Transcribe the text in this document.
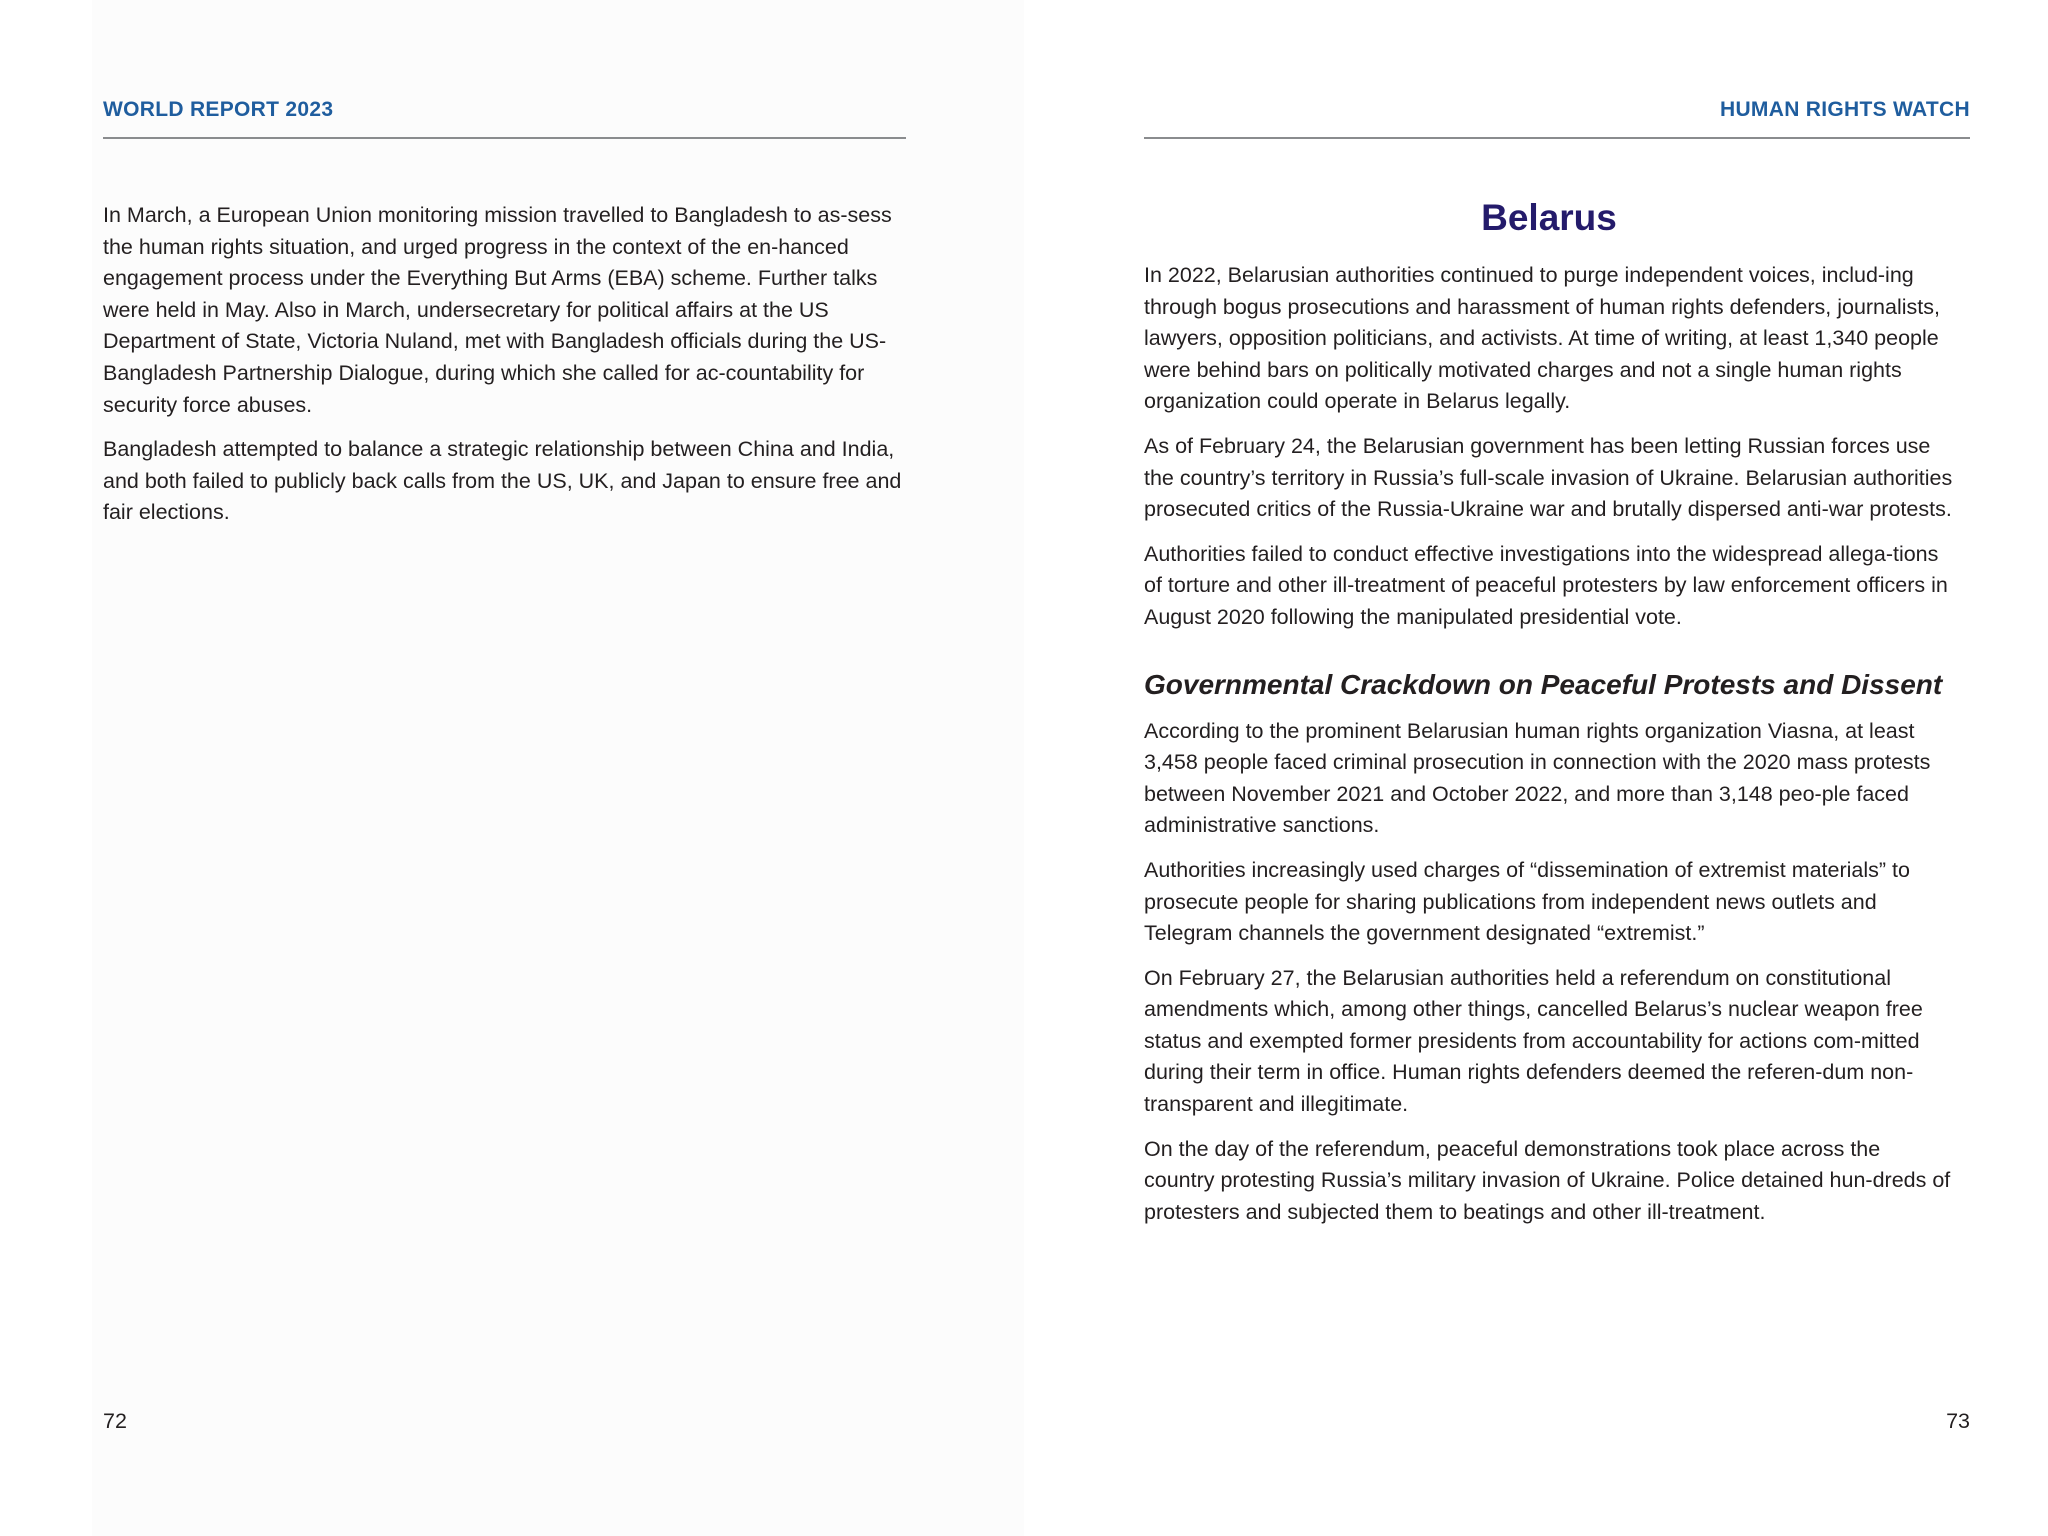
WORLD REPORT 2023

In March, a European Union monitoring mission travelled to Bangladesh to as-sess the human rights situation, and urged progress in the context of the en-hanced engagement process under the Everything But Arms (EBA) scheme. Further talks were held in May. Also in March, undersecretary for political affairs at the US Department of State, Victoria Nuland, met with Bangladesh officials during the US-Bangladesh Partnership Dialogue, during which she called for ac-countability for security force abuses.

Bangladesh attempted to balance a strategic relationship between China and India, and both failed to publicly back calls from the US, UK, and Japan to ensure free and fair elections.

72
HUMAN RIGHTS WATCH
Belarus

In 2022, Belarusian authorities continued to purge independent voices, includ-ing through bogus prosecutions and harassment of human rights defenders, journalists, lawyers, opposition politicians, and activists. At time of writing, at least 1,340 people were behind bars on politically motivated charges and not a single human rights organization could operate in Belarus legally.

As of February 24, the Belarusian government has been letting Russian forces use the country’s territory in Russia’s full-scale invasion of Ukraine. Belarusian authorities prosecuted critics of the Russia-Ukraine war and brutally dispersed anti-war protests.

Authorities failed to conduct effective investigations into the widespread allega-tions of torture and other ill-treatment of peaceful protesters by law enforcement officers in August 2020 following the manipulated presidential vote.

Governmental Crackdown on Peaceful Protests and Dissent

According to the prominent Belarusian human rights organization Viasna, at least 3,458 people faced criminal prosecution in connection with the 2020 mass protests between November 2021 and October 2022, and more than 3,148 peo-ple faced administrative sanctions.

Authorities increasingly used charges of “dissemination of extremist materials” to prosecute people for sharing publications from independent news outlets and Telegram channels the government designated “extremist.”

On February 27, the Belarusian authorities held a referendum on constitutional amendments which, among other things, cancelled Belarus’s nuclear weapon free status and exempted former presidents from accountability for actions com-mitted during their term in office. Human rights defenders deemed the referen-dum non-transparent and illegitimate.

On the day of the referendum, peaceful demonstrations took place across the country protesting Russia’s military invasion of Ukraine. Police detained hun-dreds of protesters and subjected them to beatings and other ill-treatment.

73
